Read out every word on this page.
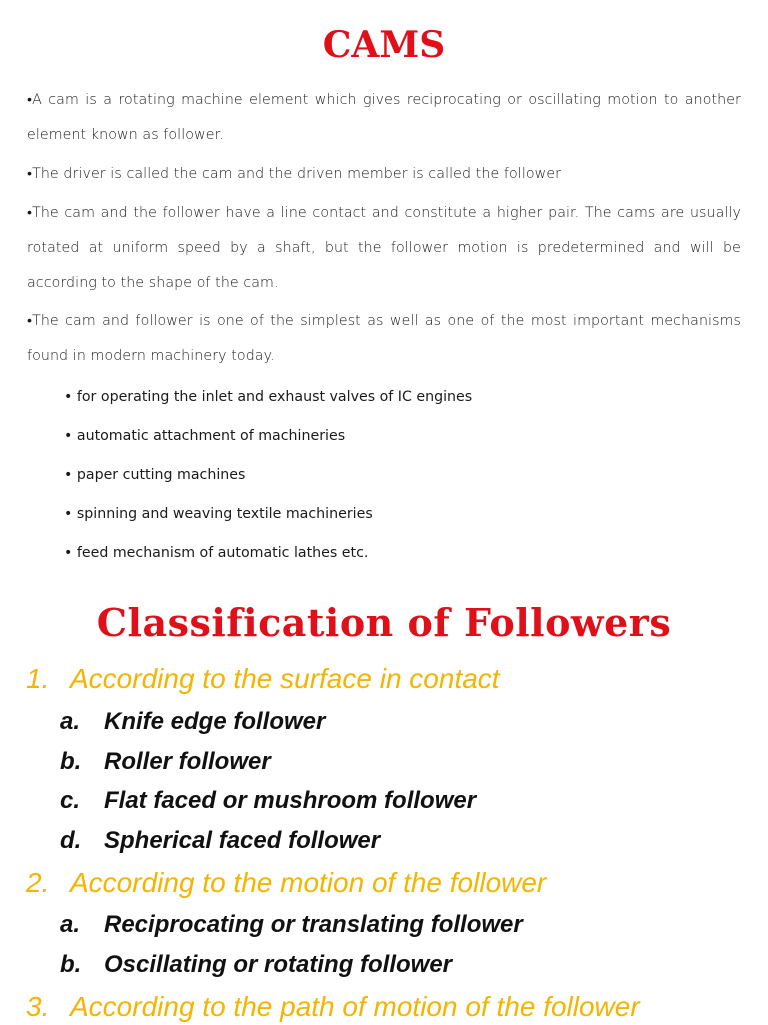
CAMS

•A cam is a rotating machine element which gives reciprocating or oscillating motion to another element known as follower.

•The driver is called the cam and the driven member is called the follower

•The cam and the follower have a line contact and constitute a higher pair. The cams are usually rotated at uniform speed by a shaft, but the follower motion is predetermined and will be according to the shape of the cam.

•The cam and follower is one of the simplest as well as one of the most important mechanisms found in modern machinery today.

• for operating the inlet and exhaust valves of IC engines
• automatic attachment of machineries
• paper cutting machines
• spinning and weaving textile machineries
• feed mechanism of automatic lathes etc.
Classification of Followers
1. According to the surface in contact
a. Knife edge follower
b. Roller follower
c. Flat faced or mushroom follower
d. Spherical faced follower
2. According to the motion of the follower
a. Reciprocating or translating follower
b. Oscillating or rotating follower
3. According to the path of motion of the follower
